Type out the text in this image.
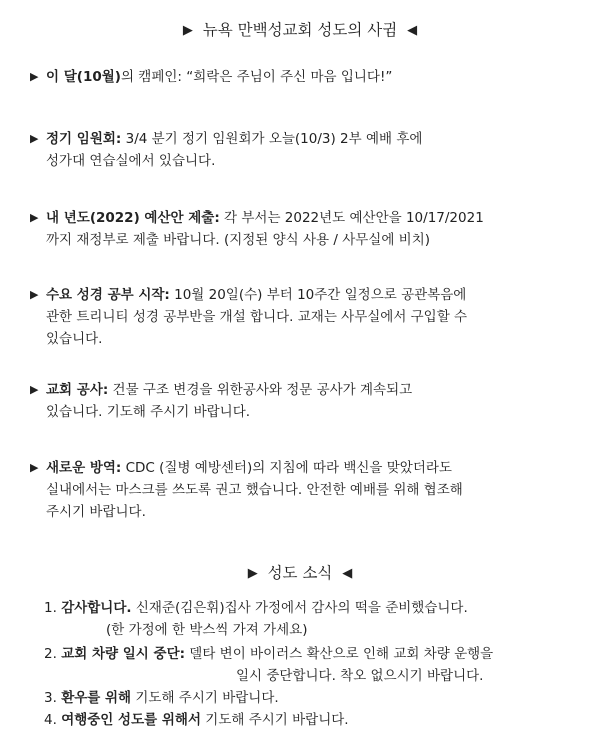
▶ 뉴욕 만백성교회 성도의 사귐 ◀
▶ 이 달(10월)의 캠페인: “희락은 주님이 주신 마음 입니다!”
▶ 정기 임원회: 3/4 분기 정기 임원회가 오늘(10/3) 2부 예배 후에
성가대 연습실에서 있습니다.
▶ 내 년도(2022) 예산안 제출: 각 부서는 2022년도 예산안을 10/17/2021
까지 재정부로 제출 바랍니다. (지정된 양식 사용 / 사무실에 비치)
▶ 수요 성경 공부 시작: 10월 20일(수) 부터 10주간 일정으로 공관복음에
관한 트리니티 성경 공부반을 개설 합니다. 교재는 사무실에서 구입할 수
있습니다.
▶ 교회 공사: 건물 구조 변경을 위한공사와 정문 공사가 계속되고
있습니다. 기도해 주시기 바랍니다.
▶ 새로운 방역: CDC (질병 예방센터)의 지침에 따라 백신을 맞았더라도
실내에서는 마스크를 쓰도록 권고 했습니다. 안전한 예배를 위해 협조해
주시기 바랍니다.
▶ 성도 소식 ◀
1. 감사합니다. 신재준(김은휘)집사 가정에서 감사의 떡을 준비했습니다.
(한 가정에 한 박스씩 가져 가세요)
2. 교회 차량 일시 중단: 델타 변이 바이러스 확산으로 인해 교회 차량 운행을
일시 중단합니다. 착오 없으시기 바랍니다.
3. 환우를 위해 기도해 주시기 바랍니다.
4. 여행중인 성도를 위해서 기도해 주시기 바랍니다.
